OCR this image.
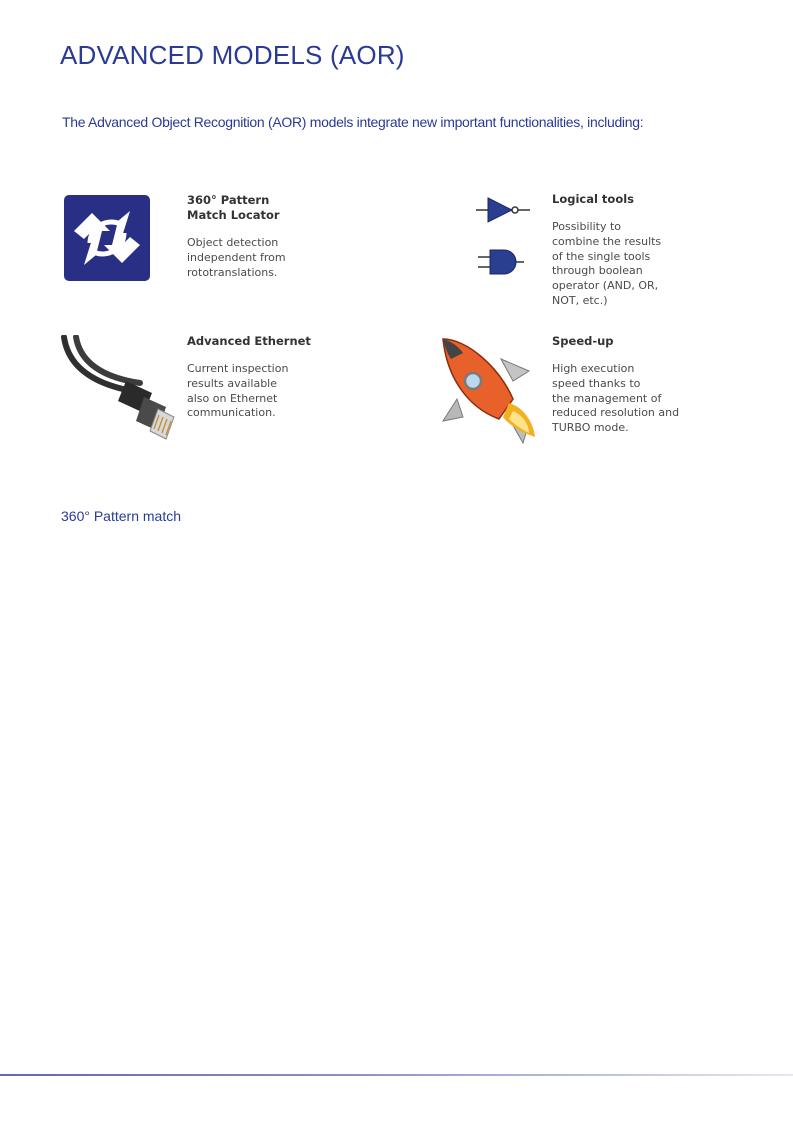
ADVANCED MODELS (AOR)

The Advanced Object Recognition (AOR) models integrate new important functionalities, including:

360° Pattern

Match Locator

Object detection

independent from

rototranslations.

Logical tools

Possibility to

combine the results

of the single tools

through boolean

operator (AND, OR,

NOT, etc.)

Advanced Ethernet

Current inspection

results available

also on Ethernet

communication.

Speed-up

High execution

speed thanks to

the management of

reduced resolution and

TURBO mode.

360° Pattern match
